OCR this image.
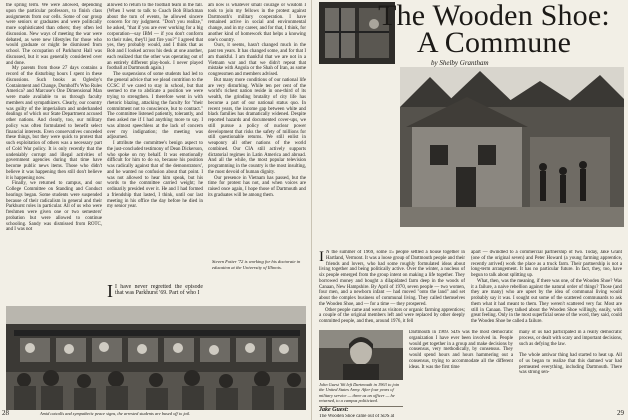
the spring term. We were allowed, depending upon the particular professors, to finish class assignments from our cells. Some of our group were seniors or graduates and were politically more sophisticated than others; they often led discussion. New ways of meeting the war were debated, as were new lifestyles for those who would graduate or might be dismissed from school. The occupation of Parkhurst Hall was discussed, but it was generally considered over and done.

My parents from those 27 days contains a record of the disturbing hours I spent in these discussions. Such books as Oglesby's Containment and Change, Domhoff's Who Rules America? and Marcuse's One Dimensional Man were made available to us through faculty members and sympathizers. Clearly, our country was guilty of the imperialism and underhanded dealings of which our State Department accused other nations. And clearly, too, our military policy was often formulated to benefit select financial interests. Even conservatives conceded these things, but they were quick to protest that such exploitation of others was a necessary part of Cold War policy. It is only recently that the undeniably corrupt and illegal activities of government agencies during that time have become public news items. Those who didn't believe it was happening then still don't believe it is happening now.

Finally, we returned to campus, and our College Committee on Standing and Conduct hearings began. Some students were suspended because of their radicalism in general and their Parkhurst roles in particular. All of us who were freshmen were given one or two semesters' probation but were allowed to continue schooling. Sandy was dismissed from ROTC, and I was not

allowed to return to the football team in the fall. (When I went to talk to Coach Bob Blackman about the turn of events, he allowed sincere concern for my judgment. "Don't you realize," he asked, "that if you are ever working for a big corporation—say IBM — if you don't conform to their rules, they'll just fire you?" I agreed that yes, they probably would, and I think that as Bob and I looked across his desk at one another, each realized that the other was operating out of an entirely different play-book. I never played football at Dartmouth again.)

The suspensions of some students had led to the general advice that we plead contrition to the CCSC if we cared to stay in school, but that seemed to me to abdicate a position we were trying to strengthen. I therefore went in with rhetoric blazing, attacking the faculty for "their commitment not to conscience, but to contract." The committee listened patiently, tolerantly, and then asked me if I had anything more to say. I was almost speechless at the lack of concern over my indignation; the meeting was adjourned.

I attribute the committee's benign aspect to the just-concluded testimony of Dean Dickerson, who spoke on my behalf. It was emotionally difficult for him to do so, because his position was radically against that of the demonstrators', and he wanted no confusion about that point. I was not allowed to hear him speak, but his words to the committee carried weight; he ordinarily presided over it. He and I had formed a friendship that lasted, I think, until our last meeting in his office the day before he died in my senior year.

I I have never regretted the episode that was Parkhurst '69. Part of who I

am now is whatever small courage or wisdom I took to join my fellows in the protest against Dartmouth's military cooperation. I have remained active in social and environmental change, and in my career, and for that, I think, for another kind of homework that helps a knowing one's country.

Ours, it seems, hasn't changed much in the past ten years. It has changed some, and for that I am thankful. I am thankful that we are not in a Vietnam war and that we didn't repeat that mistake with Angola or the Shah of Iran, as some congressmen and members advised.

But many more conditions of our national life are very disturbing. While ten per cent of the world's richest nation reside in one-third of its wealth, the grinding brutality of city life has become a part of our national status quo. In recent years, the income gap between white and black families has dramatically widened. Despite reported hazards and documented cover-ups, we still pursue a policy of nuclear power development that risks the safety of millions for still questionable returns. We still enlist in weaponry all other nations of the world combined. Our CIA still actively supports dictatorial regimes in Latin America and abroad. And all the while, the most popular television programming in the country is the most insulting, the most devoid of human dignity.

Our presence in Vietnam has passed, but the time for protest has not, and when voices are raised once again, I hope those of Dartmouth and its graduates will be among them.

Steven Fotter '72 is working for his doctorate in education at the University of Illinois.
Amid catcalls and sympathetic peace signs, the arrested students are bused off to jail.
28
The Wooden Shoe:
A Commune
by Shelby Grantham

I N the summer of 1969, some 15 people settled a house together in Hartland, Vermont. It was a loose group of Dartmouth people and their friends and lovers, who had some roughly formulated ideas about living together and being politically active. Over the winter, a nucleus of six people emerged from the group intent on making a life together. They borrowed money and bought a dilapidated farm deep in the woods of Canaan, New Hampshire. By April of 1970, seven people — two women, four men, and a newborn infant — had moved "onto the land" and set about the complex business of communal living. They called themselves the Wooden Shoe, and — for a time — they prospered.

Other people came and went as visitors or organic farming apprentices; a couple of the original members left and were replaced by other deeply committed people, and then, around 1976, it fell

apart — dwindled to a commercial partnership of two. Today, Jake Grant (one of the original seven) and Peter Howard (a young farming apprentice, recently arrived) work the place as a truck farm. Their partnership is not a long-term arrangement. It has no particular future. In fact, they, too, have begun to talk about splitting up.

What, then, was the meaning, if there was one, of the Wooden Shoe? Was it a failure, a naive rebellion against the natural order of things? Those (and they are many) who are upset by the idea of communal living would probably say it was. I sought out some of the scattered communards to ask them what it had meant to them. They weren't scattered very far. Most are still in Canaan. They talked about the Wooden Shoe willingly, easily, with great feeling. Only in the most superficial sense of the word, they said, could the Wooden Shoe be called a failure.

John Guest '66 left Dartmouth in 1963 to join the United States Army. After four years of military service — three as an officer — he returned, to a campus politicized.
Jake Guest:
The Wooden Shoe came out of SDS at
Dartmouth in 1969. SDS was the most democratic organization I have ever been involved in. People would get together in a group and make decisions by consensus, very methodically, by consensus. They would spend hours and hours hammering out a consensus, trying to accommodate all the different ideas. It was the first time
many of us had participated in a really democratic process, or dealt with scary and important decisions, such as defying the law.

The whole antiwar thing had started to heat up. All of us began to realize that this damned war had permeated everything, including Dartmouth. There was strong sen-
29
